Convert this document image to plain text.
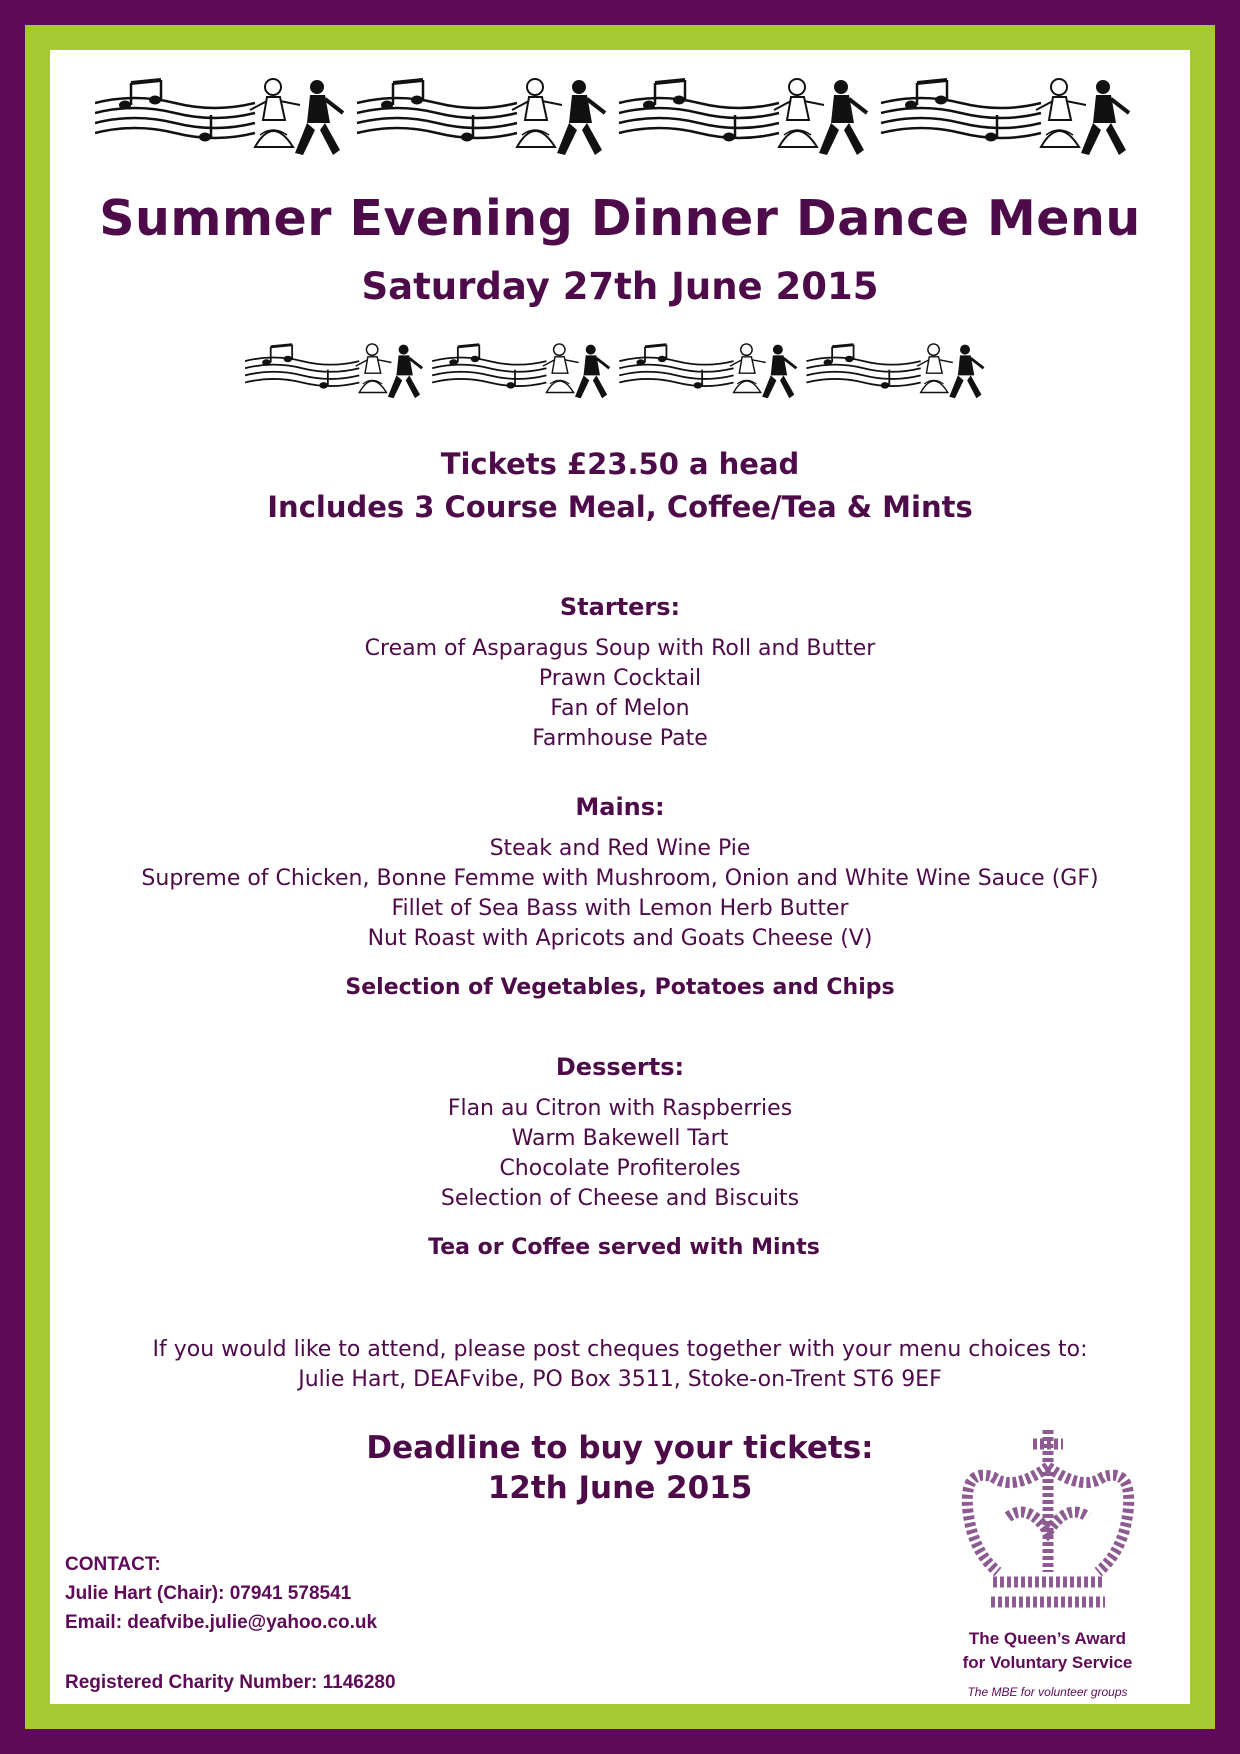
Summer Evening Dinner Dance Menu
Saturday 27th June 2015

Tickets £23.50 a head

Includes 3 Course Meal, Coffee/Tea & Mints

Starters:
Cream of Asparagus Soup with Roll and Butter
Prawn Cocktail
Fan of Melon
Farmhouse Pate
Mains:
Steak and Red Wine Pie
Supreme of Chicken, Bonne Femme with Mushroom, Onion and White Wine Sauce (GF)
Fillet of Sea Bass with Lemon Herb Butter
Nut Roast with Apricots and Goats Cheese (V)

Selection of Vegetables, Potatoes and Chips

Desserts:
Flan au Citron with Raspberries
Warm Bakewell Tart
Chocolate Profiteroles
Selection of Cheese and Biscuits

Tea or Coffee served with Mints

If you would like to attend, please post cheques together with your menu choices to:
Julie Hart, DEAFvibe, PO Box 3511, Stoke-on-Trent ST6 9EF
Deadline to buy your tickets:
12th June 2015
CONTACT:
Julie Hart (Chair): 07941 578541
Email: deafvibe.julie@yahoo.co.uk
Registered Charity Number: 1146280
The Queen’s Award
for Voluntary Service
The MBE for volunteer groups
